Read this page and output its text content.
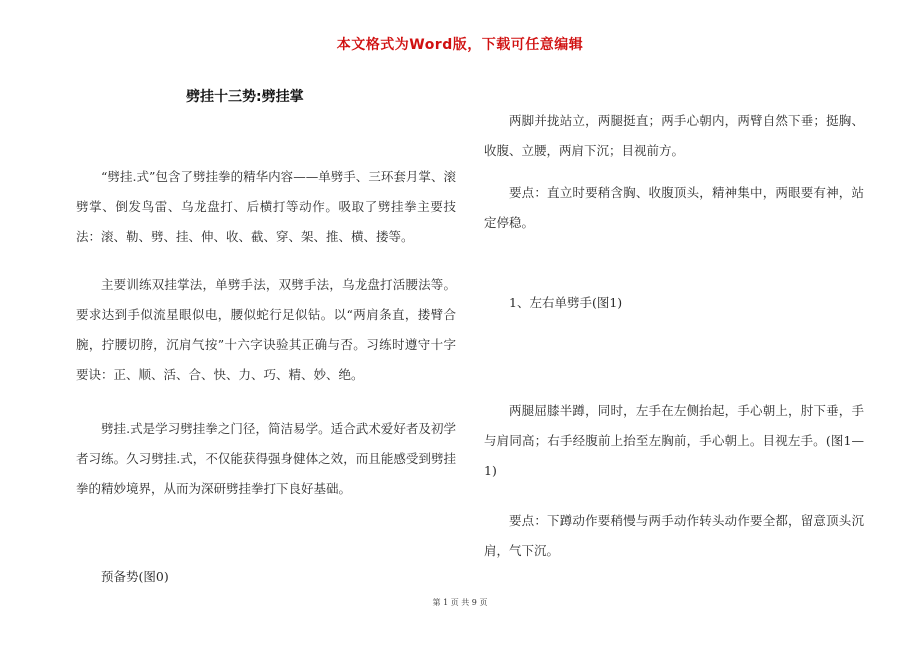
本文格式为Word版，下载可任意编辑
劈挂十三势:劈挂掌

“劈挂.式”包含了劈挂拳的精华内容——单劈手、三环套月掌、滚劈掌、倒发鸟雷、乌龙盘打、后横打等动作。吸取了劈挂拳主要技法：滚、勒、劈、挂、伸、收、截、穿、架、推、横、搂等。

主要训练双挂掌法，单劈手法，双劈手法，乌龙盘打活腰法等。要求达到手似流星眼似电，腰似蛇行足似钻。以“两肩条直，搂臂合腕，拧腰切胯，沉肩气按”十六字诀验其正确与否。习练时遵守十字要诀：正、顺、活、合、快、力、巧、精、妙、绝。

劈挂.式是学习劈挂拳之门径，简洁易学。适合武术爱好者及初学者习练。久习劈挂.式，不仅能获得强身健体之效，而且能感受到劈挂拳的精妙境界，从而为深研劈挂拳打下良好基础。

预备势(图0)

两脚并拢站立，两腿挺直；两手心朝内，两臂自然下垂；挺胸、收腹、立腰，两肩下沉；目视前方。

要点：直立时要稍含胸、收腹顶头，精神集中，两眼要有神，站定停稳。

1、左右单劈手(图1)

两腿屈膝半蹲，同时，左手在左侧抬起，手心朝上，肘下垂，手与肩同高；右手经腹前上抬至左胸前，手心朝上。目视左手。(图1—1)

要点：下蹲动作要稍慢与两手动作转头动作要全都，留意顶头沉肩，气下沉。

第 1 页 共 9 页
